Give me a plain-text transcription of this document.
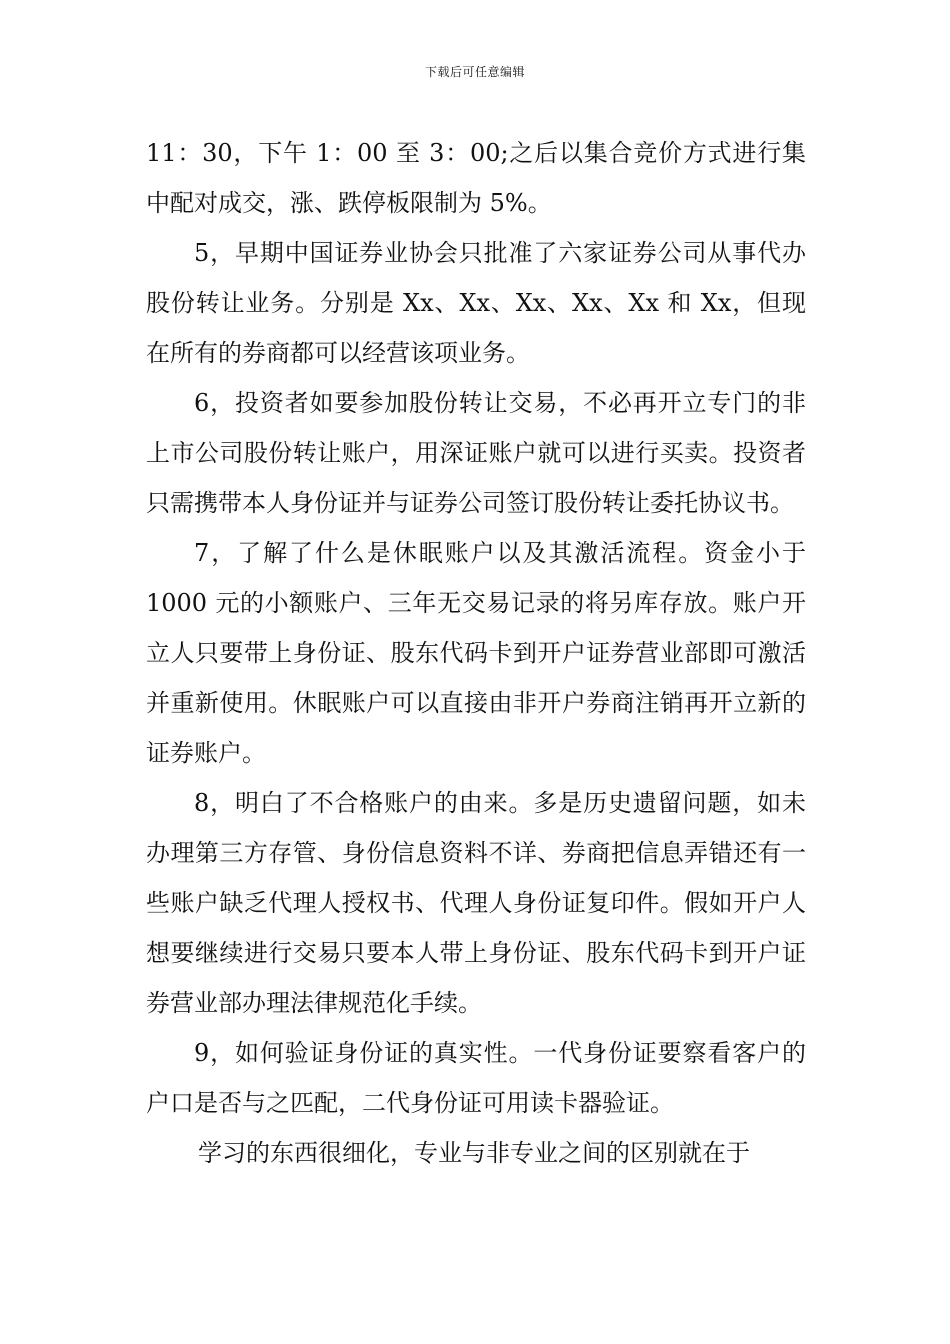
下载后可任意编辑

11：30，下午 1：00 至 3：00;之后以集合竞价方式进行集中配对成交，涨、跌停板限制为 5%。

5，早期中国证券业协会只批准了六家证券公司从事代办股份转让业务。分别是 Xx、Xx、Xx、Xx、Xx 和 Xx，但现在所有的券商都可以经营该项业务。

6，投资者如要参加股份转让交易，不必再开立专门的非上市公司股份转让账户，用深证账户就可以进行买卖。投资者只需携带本人身份证并与证券公司签订股份转让委托协议书。

7，了解了什么是休眠账户以及其激活流程。资金小于 1000 元的小额账户、三年无交易记录的将另库存放。账户开立人只要带上身份证、股东代码卡到开户证券营业部即可激活并重新使用。休眠账户可以直接由非开户券商注销再开立新的证券账户。

8，明白了不合格账户的由来。多是历史遗留问题，如未办理第三方存管、身份信息资料不详、券商把信息弄错还有一些账户缺乏代理人授权书、代理人身份证复印件。假如开户人想要继续进行交易只要本人带上身份证、股东代码卡到开户证券营业部办理法律规范化手续。

9，如何验证身份证的真实性。一代身份证要察看客户的户口是否与之匹配，二代身份证可用读卡器验证。

学习的东西很细化，专业与非专业之间的区别就在于
